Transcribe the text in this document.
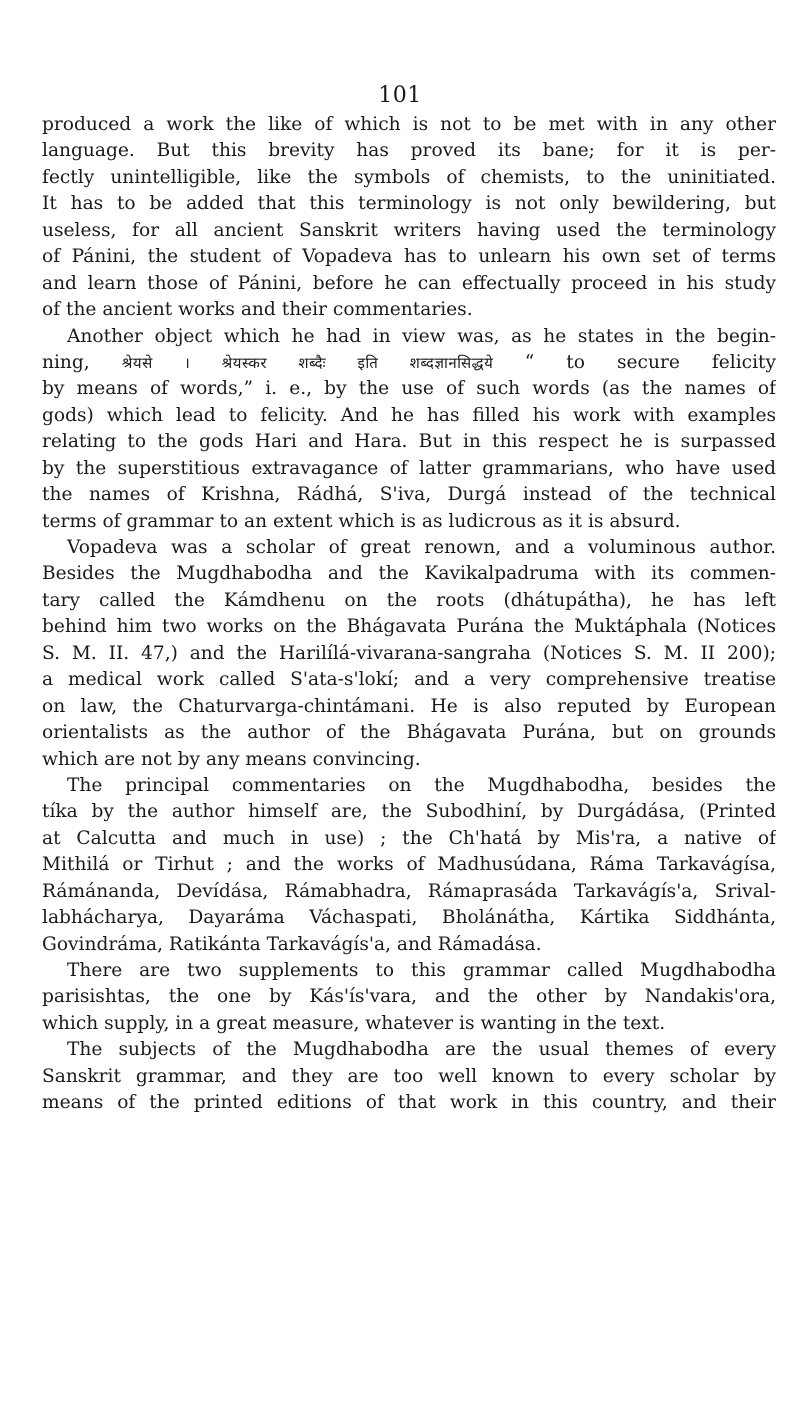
101
produced a work the like of which is not to be met with in any other
language. But this brevity has proved its bane; for it is per-
fectly unintelligible, like the symbols of chemists, to the uninitiated.
It has to be added that this terminology is not only bewildering, but
useless, for all ancient Sanskrit writers having used the terminology
of Pánini, the student of Vopadeva has to unlearn his own set of terms
and learn those of Pánini, before he can effectually proceed in his study
of the ancient works and their commentaries.
Another object which he had in view was, as he states in the begin-
ning, श्रेयसे । श्रेयस्कर शब्दैः इति शब्दज्ञानसिद्धये “ to secure felicity
by means of words,” i. e., by the use of such words (as the names of
gods) which lead to felicity. And he has filled his work with examples
relating to the gods Hari and Hara. But in this respect he is surpassed
by the superstitious extravagance of latter grammarians, who have used
the names of Krishna, Rádhá, S'iva, Durgá instead of the technical
terms of grammar to an extent which is as ludicrous as it is absurd.
Vopadeva was a scholar of great renown, and a voluminous author.
Besides the Mugdhabodha and the Kavikalpadruma with its commen-
tary called the Kámdhenu on the roots (dhátupátha), he has left
behind him two works on the Bhágavata Purána the Muktáphala (Notices
S. M. II. 47,) and the Harilílá-vivarana-sangraha (Notices S. M. II 200);
a medical work called S'ata-s'lokí; and a very comprehensive treatise
on law, the Chaturvarga-chintámani. He is also reputed by European
orientalists as the author of the Bhágavata Purána, but on grounds
which are not by any means convincing.
The principal commentaries on the Mugdhabodha, besides the
tíka by the author himself are, the Subodhiní, by Durgádása, (Printed
at Calcutta and much in use) ; the Ch'hatá by Mis'ra, a native of
Mithilá or Tirhut ; and the works of Madhusúdana, Ráma Tarkavágísa,
Rámánanda, Devídása, Rámabhadra, Rámaprasáda Tarkavágís'a, Srival-
labhácharya, Dayaráma Váchaspati, Bholánátha, Kártika Siddhánta,
Govindráma, Ratikánta Tarkavágís'a, and Rámadása.
There are two supplements to this grammar called Mugdhabodha
parisishtas, the one by Kás'ís'vara, and the other by Nandakis'ora,
which supply, in a great measure, whatever is wanting in the text.
The subjects of the Mugdhabodha are the usual themes of every
Sanskrit grammar, and they are too well known to every scholar by
means of the printed editions of that work in this country, and their
